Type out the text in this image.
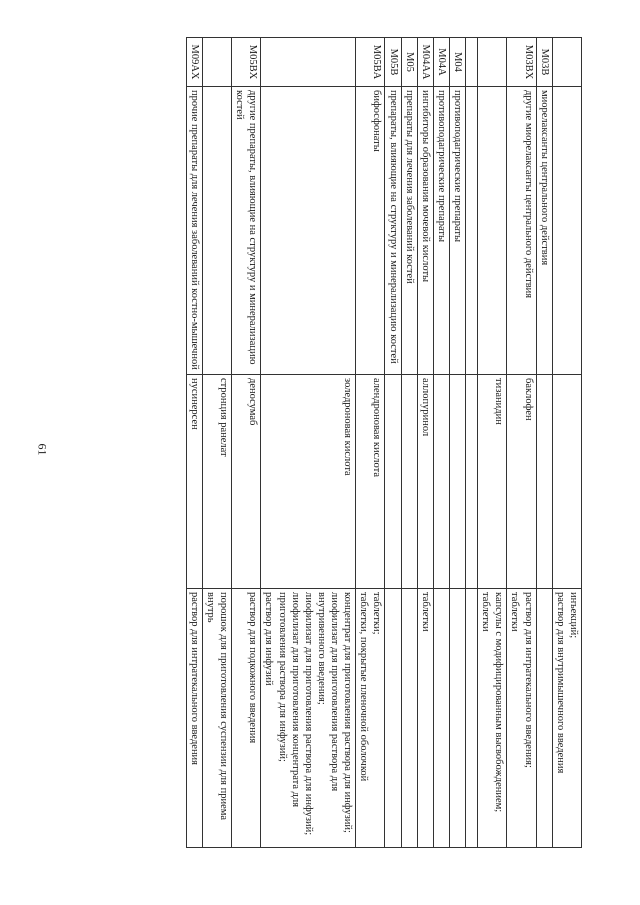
61

			инъекций;
раствор для внутримышечного введения

M03B	миорелаксанты центрального действия		
M03BX	другие миорелаксанты центрального действия	баклофен	раствор для интратекального введения;
таблетки

		тизанидин	капсулы с модифицированным высвобождением;
таблетки

M04	противоподагрические препараты		
M04A	противоподагрические препараты		
M04AA	ингибиторы образования мочевой кислоты	аллопуринол	таблетки

M05	препараты для лечения заболеваний костей		
M05B	препараты, влияющие на структуру и минерализацию костей		
M05BA	бифосфонаты	алендроновая кислота	таблетки;
таблетки, покрытые пленочной оболочкой

		золедроновая кислота	концентрат для приготовления раствора для инфузий;
лиофилизат для приготовления раствора для внутривенного введения;
лиофилизат для приготовления раствора для инфузий;
лиофилизат для приготовления концентрата для приготовления раствора для инфузий;
раствор для инфузий

M05BX	другие препараты, влияющие на структуру и минерализацию костей	деносумаб	раствор для подкожного введения

		стронция ранелат	порошок для приготовления суспензии для приема внутрь

M09AX	прочие препараты для лечения заболеваний костно-мышечной	нусинерсен	раствор для интратекального введения
